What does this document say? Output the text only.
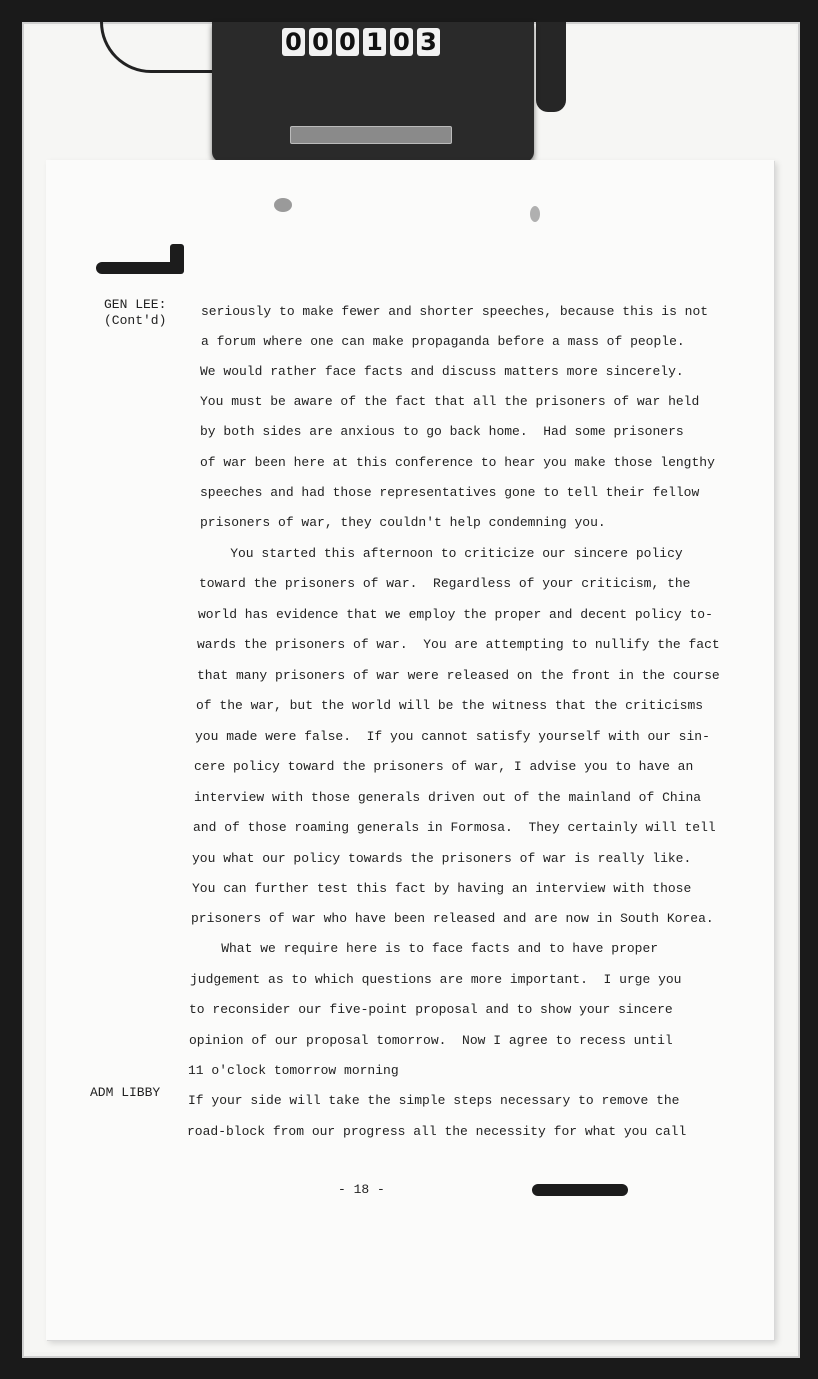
0 0 0 1 0 3
GEN LEE:
(Cont'd)
ADM LIBBY
seriously to make fewer and shorter speeches, because this is not
a forum where one can make propaganda before a mass of people.
We would rather face facts and discuss matters more sincerely.
You must be aware of the fact that all the prisoners of war held
by both sides are anxious to go back home.  Had some prisoners
of war been here at this conference to hear you make those lengthy
speeches and had those representatives gone to tell their fellow
prisoners of war, they couldn't help condemning you.
You started this afternoon to criticize our sincere policy
toward the prisoners of war.  Regardless of your criticism, the
world has evidence that we employ the proper and decent policy to-
wards the prisoners of war.  You are attempting to nullify the fact
that many prisoners of war were released on the front in the course
of the war, but the world will be the witness that the criticisms
you made were false.  If you cannot satisfy yourself with our sin-
cere policy toward the prisoners of war, I advise you to have an
interview with those generals driven out of the mainland of China
and of those roaming generals in Formosa.  They certainly will tell
you what our policy towards the prisoners of war is really like.
You can further test this fact by having an interview with those
prisoners of war who have been released and are now in South Korea.
What we require here is to face facts and to have proper
judgement as to which questions are more important.  I urge you
to reconsider our five-point proposal and to show your sincere
opinion of our proposal tomorrow.  Now I agree to recess until
11 o'clock tomorrow morning
If your side will take the simple steps necessary to remove the
road-block from our progress all the necessity for what you call
- 18 -
